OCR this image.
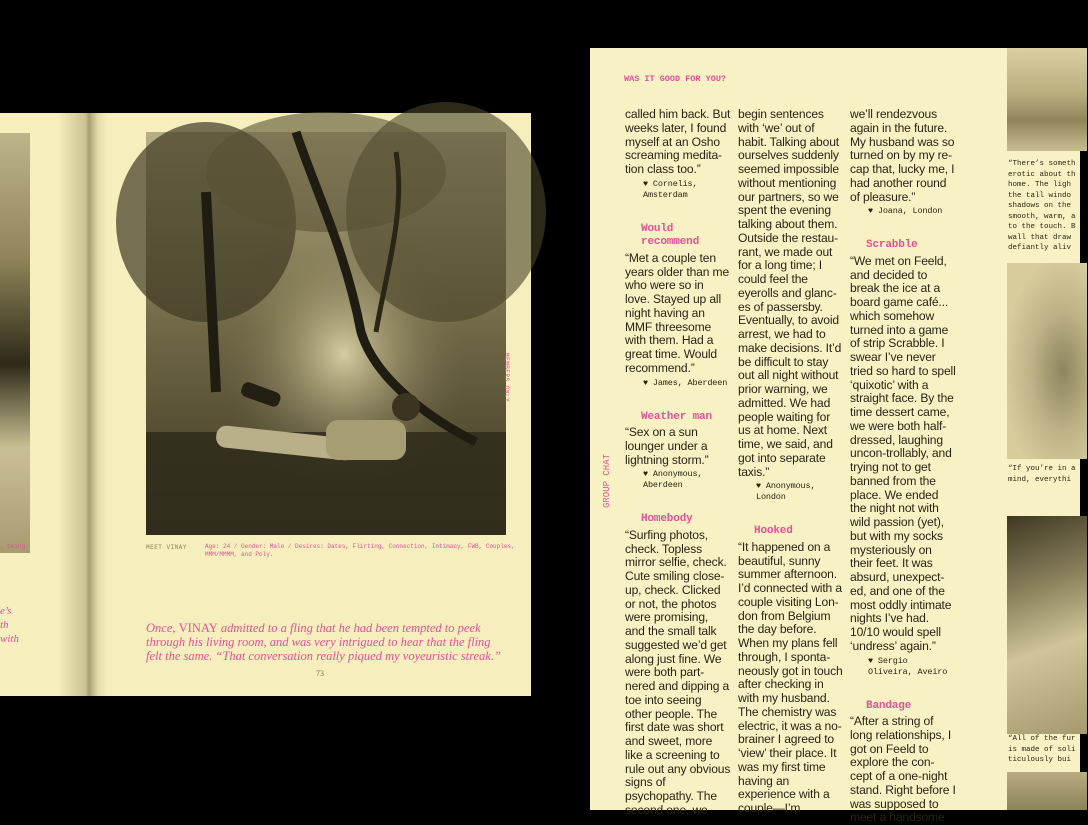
, being
e’s
th
with
MEET VINAY	Age: 24 / Gender: Male / Desires: Dates, Flirting, Connection, Intimacy, FWB, Couples, MMM/MMMM, and Poly.
MEMBERS ONLY
Once, VINAY admitted to a fling that he had been tempted to peek through his living room, and was very intrigued to hear that the fling felt the same. “That conversation really piqued my voyeuristic streak.”
73
WAS IT GOOD FOR YOU?
GROUP CHAT

called him back. But weeks later, I found myself at an Osho screaming medita-tion class too.”

♥ Cornelis, Amsterdam

Would recommend

“Met a couple ten years older than me who were so in love. Stayed up all night having an MMF threesome with them. Had a great time. Would recommend.”

♥ James, Aberdeen

Weather man

“Sex on a sun lounger under a lightning storm.”

♥ Anonymous, Aberdeen

Homebody

“Surfing photos, check. Topless mirror selfie, check. Cute smiling close-up, check. Clicked or not, the photos were promising, and the small talk suggested we’d get along just fine. We were both part-nered and dipping a toe into seeing other people. The first date was short and sweet, more like a screening to rule out any obvious signs of psychopathy. The second one, we

begin sentences with ‘we’ out of habit. Talking about ourselves suddenly seemed impossible without mentioning our partners, so we spent the evening talking about them. Outside the restau-rant, we made out for a long time; I could feel the eyerolls and glanc-es of passersby. Eventually, to avoid arrest, we had to make decisions. It’d be difficult to stay out all night without prior warning, we admitted. We had people waiting for us at home. Next time, we said, and got into separate taxis.”

♥ Anonymous, London

Hooked

“It happened on a beautiful, sunny summer afternoon. I’d connected with a couple visiting Lon-don from Belgium the day before. When my plans fell through, I sponta-neously got in touch after checking in with my husband. The chemistry was electric, it was a no-brainer I agreed to ‘view’ their place. It was my first time having an experience with a couple—I’m

we’ll rendezvous again in the future. My husband was so turned on by my re-cap that, lucky me, I had another round of pleasure.”

♥ Joana, London

Scrabble

“We met on Feeld, and decided to break the ice at a board game café... which somehow turned into a game of strip Scrabble. I swear I’ve never tried so hard to spell ‘quixotic’ with a straight face. By the time dessert came, we were both half-dressed, laughing uncon-trollably, and trying not to get banned from the place. We ended the night not with wild passion (yet), but with my socks mysteriously on their feet. It was absurd, unexpect-ed, and one of the most oddly intimate nights I’ve had. 10/10 would spell ‘undress’ again.”

♥ Sergio Oliveira, Aveiro

Bandage

“After a string of long relationships, I got on Feeld to explore the con-cept of a one-night stand. Right before I was supposed to meet a handsome

“There’s someth
erotic about th
home. The ligh
the tall windo
shadows on the
smooth, warm, a
to the touch. B
wall that draw
defiantly aliv
“If you’re in a
mind, everythi
“All of the fur
is made of soli
ticulously bui
